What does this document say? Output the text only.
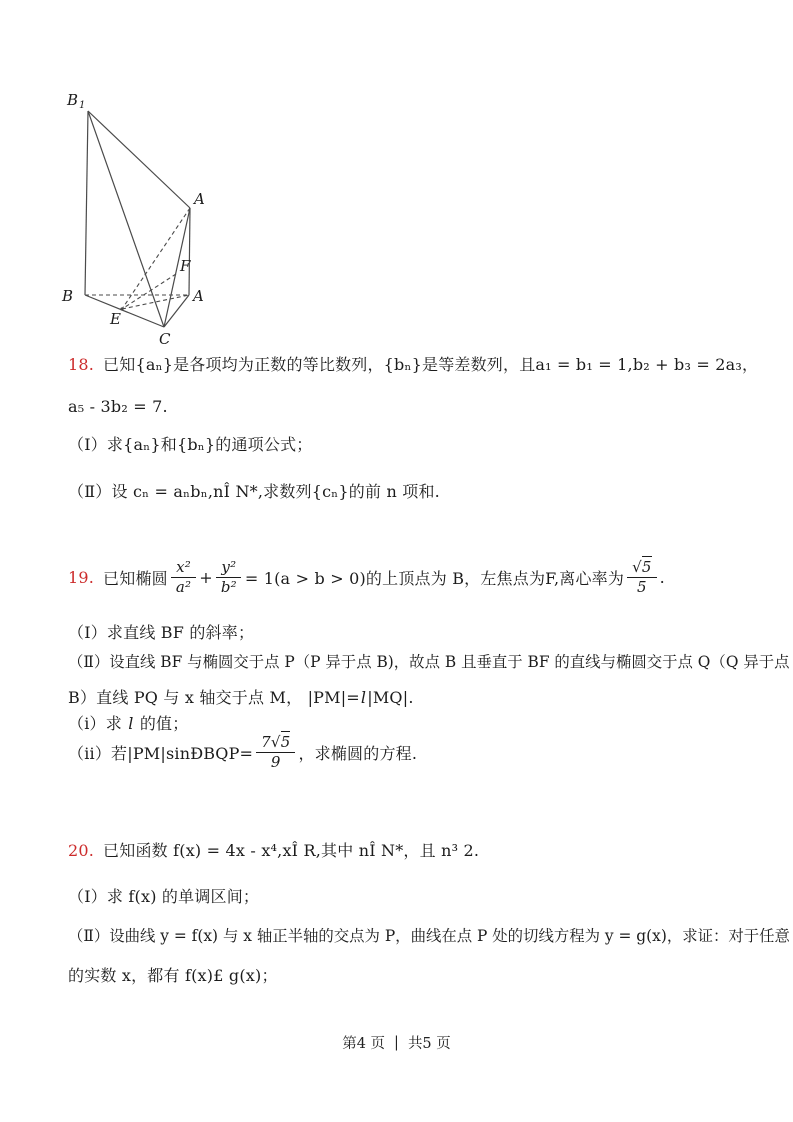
B 1
A
F
B	A
E
C
18. 已知{aₙ}是各项均为正数的等比数列，{bₙ}是等差数列，且a₁ = b₁ = 1,b₂ + b₃ = 2a₃，
a₅ - 3b₂ = 7.
（Ⅰ）求{aₙ}和{bₙ}的通项公式；
（Ⅱ）设 cₙ = aₙbₙ,nÎ N*,求数列{cₙ}的前 n 项和.
19. 已知椭圆 $\frac{\text{x²}}{\text{a²}} + \frac{\text{y²}}{\text{b²}} = 1(a > b > 0)$的上顶点为 B，左焦点为F,离心率为 $\frac{√5}{5}$ .
（Ⅰ）求直线 BF 的斜率；
（Ⅱ）设直线 BF 与椭圆交于点 P（P 异于点 B)，故点 B 且垂直于 BF 的直线与椭圆交于点 Q（Q 异于点
B）直线 PQ 与 x 轴交于点 M， |PM|=l|MQ|.
（i）求 l 的值；
（ii）若|PM|sinÐBQP= $\frac{7√5}{9}$ ，求椭圆的方程.
20. 已知函数 f(x) = 4x - x⁴,xÎ R,其中 nÎ N*，且 n³ 2.
（Ⅰ）求 f(x) 的单调区间；
（Ⅱ）设曲线 y = f(x) 与 x 轴正半轴的交点为 P，曲线在点 P 处的切线方程为 y = g(x)，求证：对于任意
的实数 x，都有 f(x)£ g(x)；
第4 页 | 共5 页
